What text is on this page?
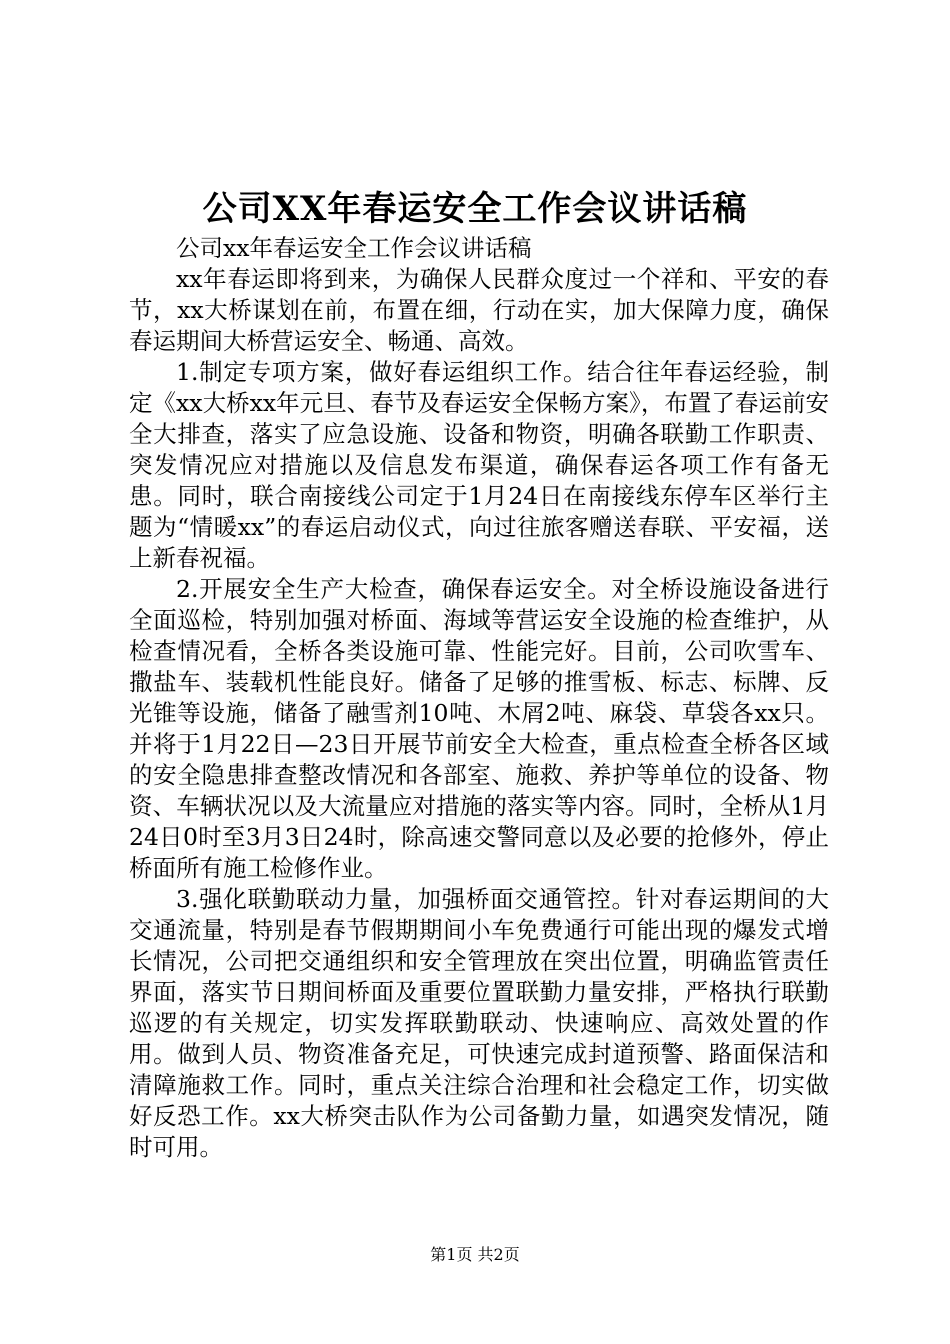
公司XX年春运安全工作会议讲话稿

公司xx年春运安全工作会议讲话稿

xx年春运即将到来，为确保人民群众度过一个祥和、平安的春节，xx大桥谋划在前，布置在细，行动在实，加大保障力度，确保春运期间大桥营运安全、畅通、高效。

1.制定专项方案，做好春运组织工作。结合往年春运经验，制定《xx大桥xx年元旦、春节及春运安全保畅方案》，布置了春运前安全大排查，落实了应急设施、设备和物资，明确各联勤工作职责、突发情况应对措施以及信息发布渠道，确保春运各项工作有备无患。同时，联合南接线公司定于1月24日在南接线东停车区举行主题为“情暖xx”的春运启动仪式，向过往旅客赠送春联、平安福，送上新春祝福。

2.开展安全生产大检查，确保春运安全。对全桥设施设备进行全面巡检，特别加强对桥面、海域等营运安全设施的检查维护，从检查情况看，全桥各类设施可靠、性能完好。目前，公司吹雪车、撒盐车、装载机性能良好。储备了足够的推雪板、标志、标牌、反光锥等设施，储备了融雪剂10吨、木屑2吨、麻袋、草袋各xx只。并将于1月22日—23日开展节前安全大检查，重点检查全桥各区域的安全隐患排查整改情况和各部室、施救、养护等单位的设备、物资、车辆状况以及大流量应对措施的落实等内容。同时，全桥从1月24日0时至3月3日24时，除高速交警同意以及必要的抢修外，停止桥面所有施工检修作业。

3.强化联勤联动力量，加强桥面交通管控。针对春运期间的大交通流量，特别是春节假期期间小车免费通行可能出现的爆发式增长情况，公司把交通组织和安全管理放在突出位置，明确监管责任界面，落实节日期间桥面及重要位置联勤力量安排，严格执行联勤巡逻的有关规定，切实发挥联勤联动、快速响应、高效处置的作用。做到人员、物资准备充足，可快速完成封道预警、路面保洁和清障施救工作。同时，重点关注综合治理和社会稳定工作，切实做好反恐工作。xx大桥突击队作为公司备勤力量，如遇突发情况，随时可用。

第1页 共2页
